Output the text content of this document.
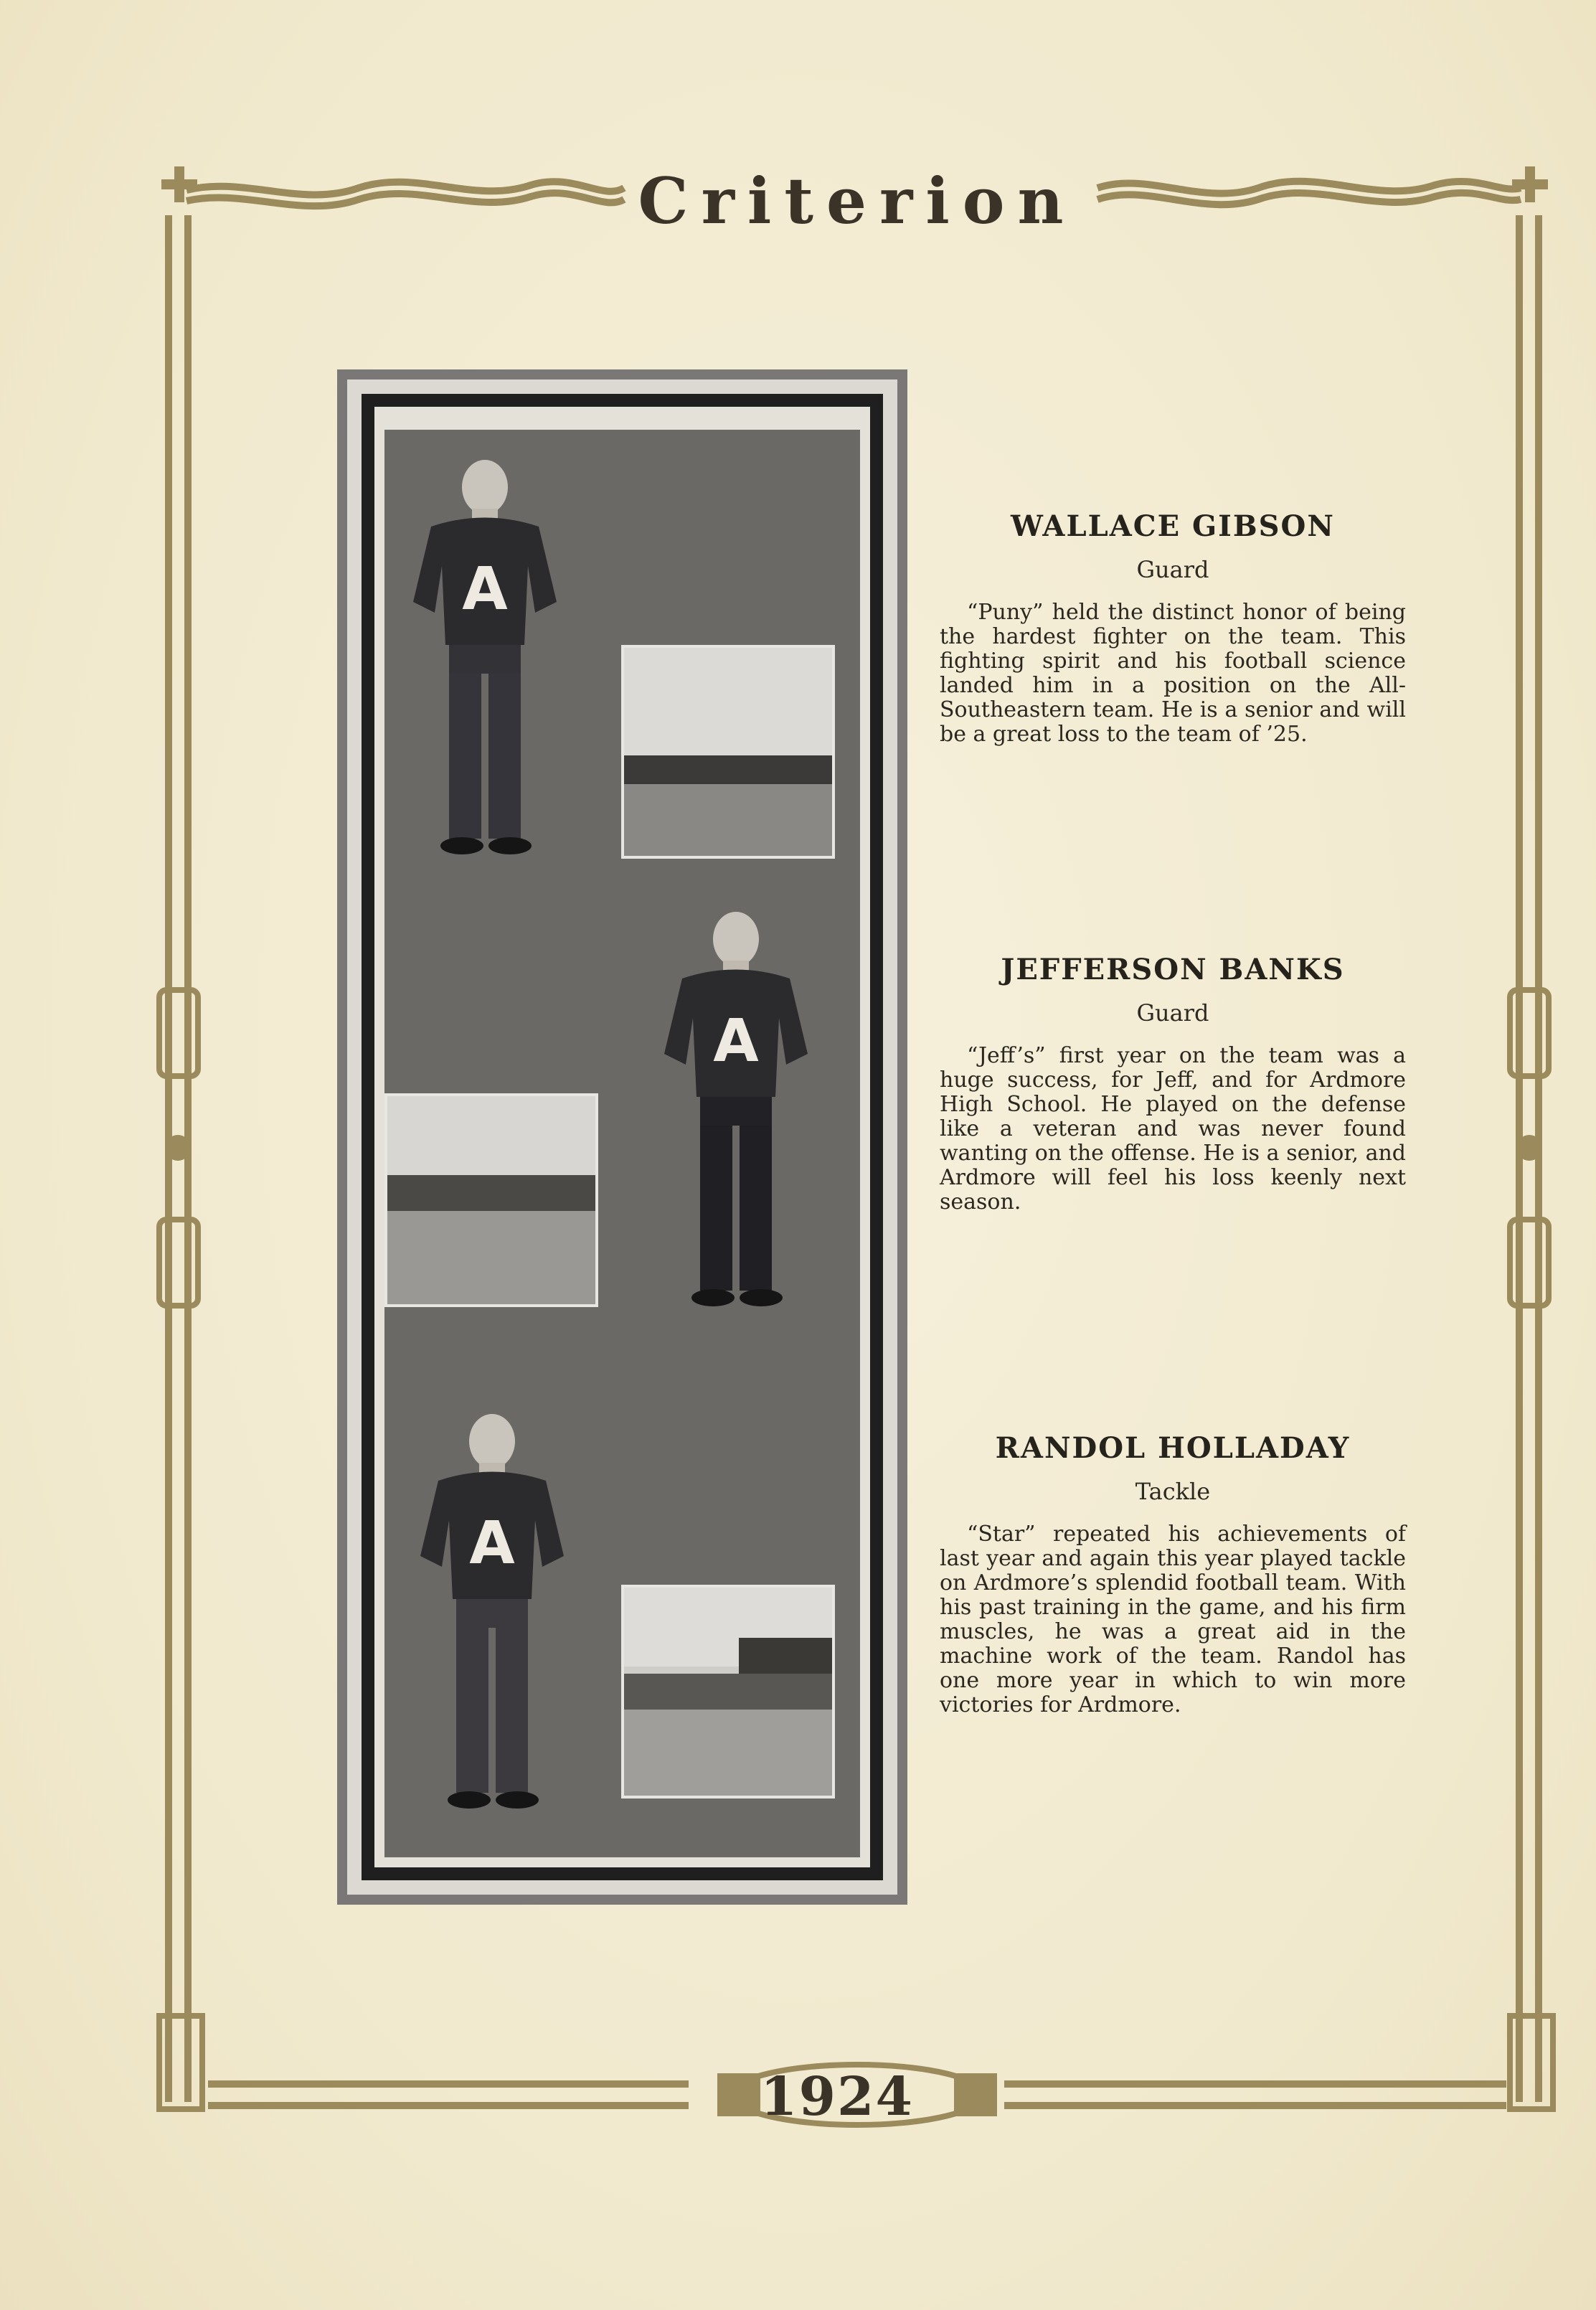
Criterion
1924
A
A
A
WALLACE GIBSON
Guard
“Puny” held the distinct honor of being the hardest fighter on the team. This fighting spirit and his football science landed him in a position on the All-Southeastern team. He is a senior and will be a great loss to the team of ’25.
JEFFERSON BANKS
Guard
“Jeff’s” first year on the team was a huge success, for Jeff, and for Ardmore High School. He played on the defense like a veteran and was never found wanting on the offense. He is a senior, and Ardmore will feel his loss keenly next season.
RANDOL HOLLADAY
Tackle
“Star” repeated his achievements of last year and again this year played tackle on Ardmore’s splendid football team. With his past training in the game, and his firm muscles, he was a great aid in the machine work of the team. Randol has one more year in which to win more victories for Ardmore.
